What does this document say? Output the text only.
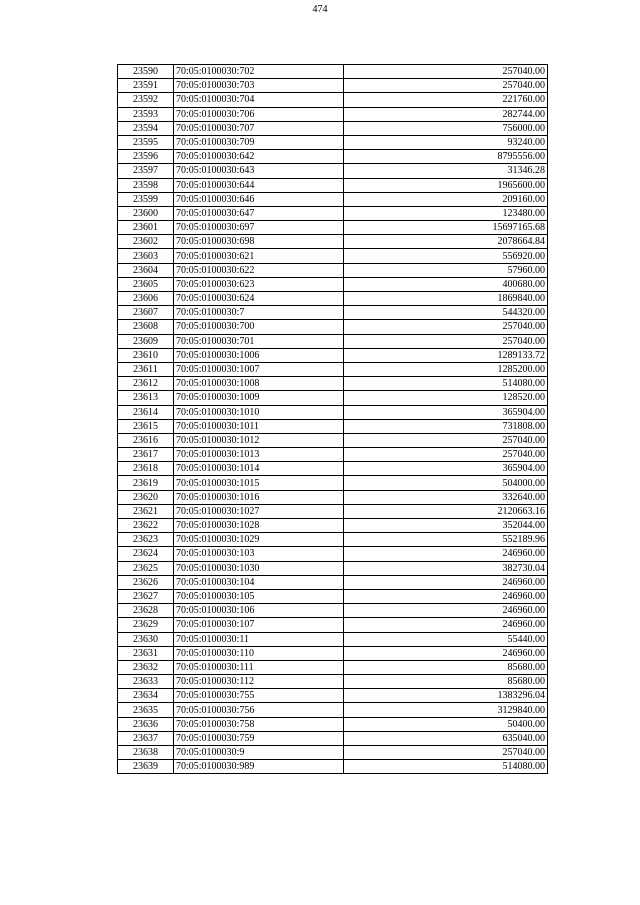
474
23590	70:05:0100030:702	257040.00
23591	70:05:0100030:703	257040.00
23592	70:05:0100030:704	221760.00
23593	70:05:0100030:706	282744.00
23594	70:05:0100030:707	756000.00
23595	70:05:0100030:709	93240.00
23596	70:05:0100030:642	8795556.00
23597	70:05:0100030:643	31346.28
23598	70:05:0100030:644	1965600.00
23599	70:05:0100030:646	209160.00
23600	70:05:0100030:647	123480.00
23601	70:05:0100030:697	15697165.68
23602	70:05:0100030:698	2078664.84
23603	70:05:0100030:621	556920.00
23604	70:05:0100030:622	57960.00
23605	70:05:0100030:623	400680.00
23606	70:05:0100030:624	1869840.00
23607	70:05:0100030:7	544320.00
23608	70:05:0100030:700	257040.00
23609	70:05:0100030:701	257040.00
23610	70:05:0100030:1006	1289133.72
23611	70:05:0100030:1007	1285200.00
23612	70:05:0100030:1008	514080.00
23613	70:05:0100030:1009	128520.00
23614	70:05:0100030:1010	365904.00
23615	70:05:0100030:1011	731808.00
23616	70:05:0100030:1012	257040.00
23617	70:05:0100030:1013	257040.00
23618	70:05:0100030:1014	365904.00
23619	70:05:0100030:1015	504000.00
23620	70:05:0100030:1016	332640.00
23621	70:05:0100030:1027	2120663.16
23622	70:05:0100030:1028	352044.00
23623	70:05:0100030:1029	552189.96
23624	70:05:0100030:103	246960.00
23625	70:05:0100030:1030	382730.04
23626	70:05:0100030:104	246960.00
23627	70:05:0100030:105	246960.00
23628	70:05:0100030:106	246960.00
23629	70:05:0100030:107	246960.00
23630	70:05:0100030:11	55440.00
23631	70:05:0100030:110	246960.00
23632	70:05:0100030:111	85680.00
23633	70:05:0100030:112	85680.00
23634	70:05:0100030:755	1383296.04
23635	70:05:0100030:756	3129840.00
23636	70:05:0100030:758	50400.00
23637	70:05:0100030:759	635040.00
23638	70:05:0100030:9	257040.00
23639	70:05:0100030:989	514080.00
